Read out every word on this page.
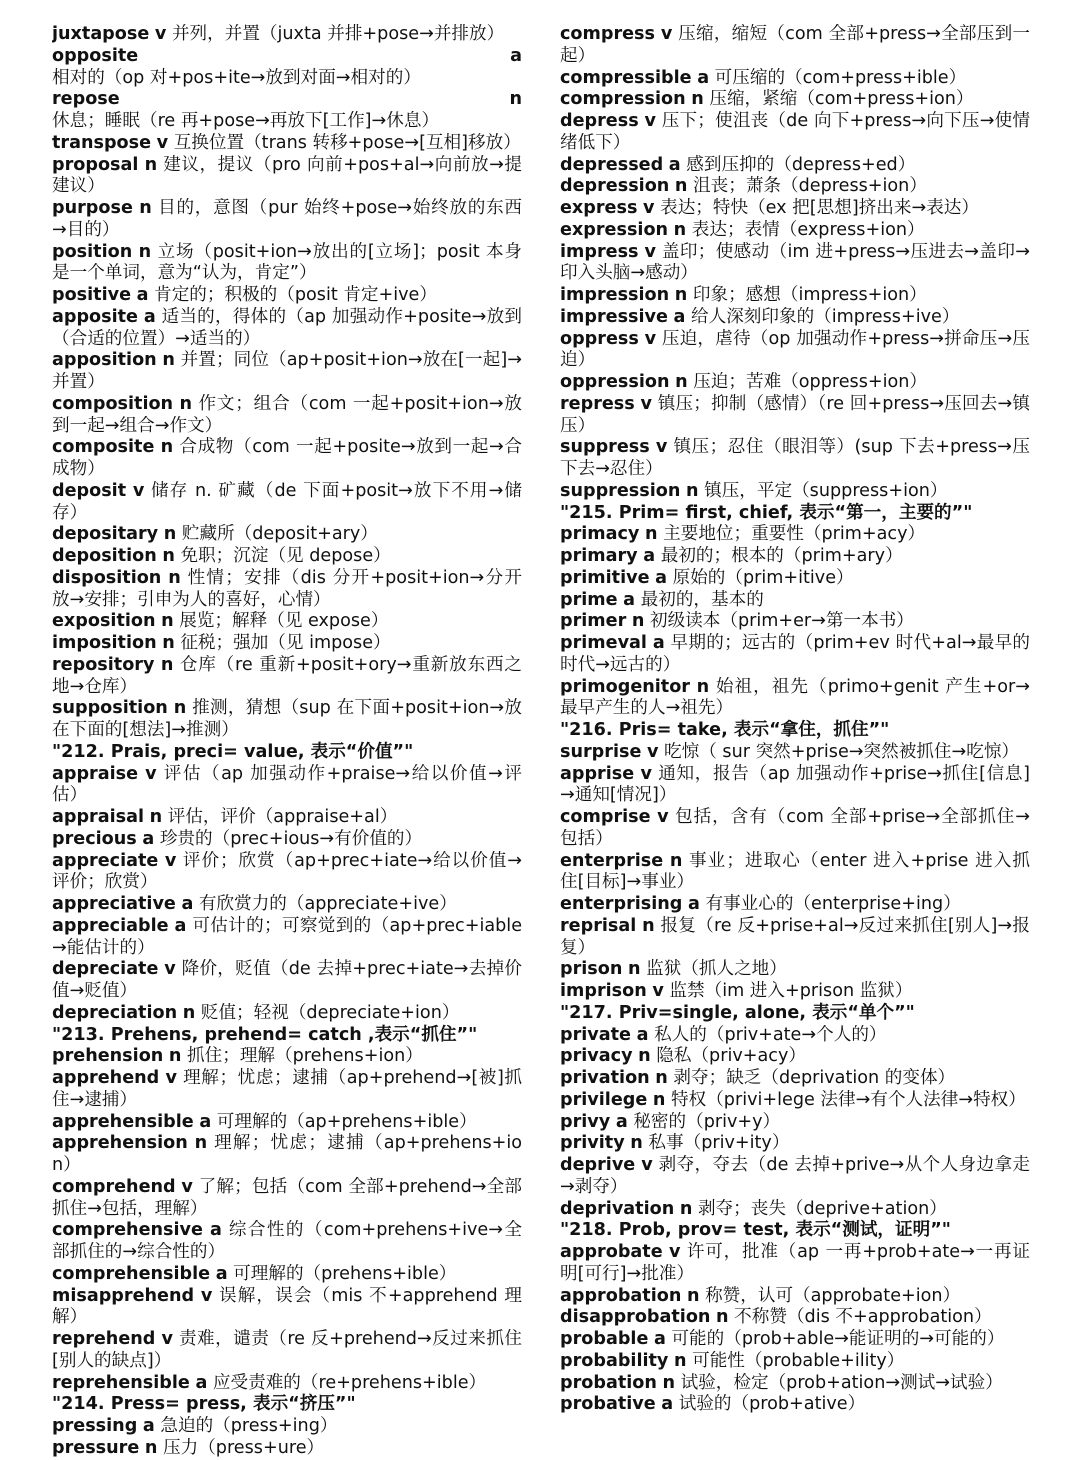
juxtapose v 并列，并置（juxta 并排+pose→并排放）
opposite	a 相对的（op 对+pos+ite→放到对面→相对的）
repose	n 休息；睡眠（re 再+pose→再放下[工作]→休息）
transpose v 互换位置（trans 转移+pose→[互相]移放）
proposal n 建议，提议（pro 向前+pos+al→向前放→提建议）
purpose n 目的，意图（pur 始终+pose→始终放的东西→目的）
position n 立场（posit+ion→放出的[立场]；posit 本身是一个单词，意为“认为，肯定”）
positive a 肯定的；积极的（posit 肯定+ive）
apposite a 适当的，得体的（ap 加强动作+posite→放到（合适的位置）→适当的）
apposition n 并置；同位（ap+posit+ion→放在[一起]→并置）
composition n 作文；组合（com 一起+posit+ion→放到一起→组合→作文）
composite n 合成物（com 一起+posite→放到一起→合成物）
deposit v 储存 n. 矿藏（de 下面+posit→放下不用→储存）
depositary n 贮藏所（deposit+ary）
deposition n 免职；沉淀（见 depose）
disposition n 性情；安排（dis 分开+posit+ion→分开放→安排；引申为人的喜好，心情）
exposition n 展览；解释（见 expose）
imposition n 征税；强加（见 impose）
repository n 仓库（re 重新+posit+ory→重新放东西之地→仓库）
supposition n 推测，猜想（sup 在下面+posit+ion→放在下面的[想法]→推测）
"212. Prais, preci= value, 表示“价值”"
appraise v 评估（ap 加强动作+praise→给以价值→评估）
appraisal n 评估，评价（appraise+al）
precious a 珍贵的（prec+ious→有价值的）
appreciate v 评价；欣赏（ap+prec+iate→给以价值→评价；欣赏）
appreciative a 有欣赏力的（appreciate+ive）
appreciable a 可估计的；可察觉到的（ap+prec+iable→能估计的）
depreciate v 降价，贬值（de 去掉+prec+iate→去掉价值→贬值）
depreciation n 贬值；轻视（depreciate+ion）
"213. Prehens, prehend= catch ,表示“抓住”"
prehension n 抓住；理解（prehens+ion）
apprehend v 理解；忧虑；逮捕（ap+prehend→[被]抓住→逮捕）
apprehensible a 可理解的（ap+prehens+ible）
apprehension n 理解；忧虑；逮捕（ap+prehens+ion）
comprehend v 了解；包括（com 全部+prehend→全部抓住→包括，理解）
comprehensive a 综合性的（com+prehens+ive→全部抓住的→综合性的）
comprehensible a 可理解的（prehens+ible）
misapprehend v 误解，误会（mis 不+apprehend 理解）
reprehend v 责难，谴责（re 反+prehend→反过来抓住[别人的缺点]）
reprehensible a 应受责难的（re+prehens+ible）
"214. Press= press, 表示“挤压”"
pressing a 急迫的（press+ing）
pressure n 压力（press+ure）
compress v 压缩，缩短（com 全部+press→全部压到一起）
compressible a 可压缩的（com+press+ible）
compression n 压缩，紧缩（com+press+ion）
depress v 压下；使沮丧（de 向下+press→向下压→使情绪低下）
depressed a 感到压抑的（depress+ed）
depression n 沮丧；萧条（depress+ion）
express v 表达；特快（ex 把[思想]挤出来→表达）
expression n 表达；表情（express+ion）
impress v 盖印；使感动（im 进+press→压进去→盖印→印入头脑→感动）
impression n 印象；感想（impress+ion）
impressive a 给人深刻印象的（impress+ive）
oppress v 压迫，虐待（op 加强动作+press→拼命压→压迫）
oppression n 压迫；苦难（oppress+ion）
repress v 镇压；抑制（感情）（re 回+press→压回去→镇压）
suppress v 镇压；忍住（眼泪等）(sup 下去+press→压下去→忍住）
suppression n 镇压，平定（suppress+ion）
"215. Prim= first, chief, 表示“第一，主要的”"
primacy n 主要地位；重要性（prim+acy）
primary a 最初的；根本的（prim+ary）
primitive a 原始的（prim+itive）
prime a 最初的，基本的
primer n 初级读本（prim+er→第一本书）
primeval a 早期的；远古的（prim+ev 时代+al→最早的时代→远古的）
primogenitor n 始祖，祖先（primo+genit 产生+or→最早产生的人→祖先）
"216. Pris= take, 表示“拿住，抓住”"
surprise v 吃惊（ sur 突然+prise→突然被抓住→吃惊）
apprise v 通知，报告（ap 加强动作+prise→抓住[信息]→通知[情况]）
comprise v 包括，含有（com 全部+prise→全部抓住→包括）
enterprise n 事业；进取心（enter 进入+prise 进入抓住[目标]→事业）
enterprising a 有事业心的（enterprise+ing）
reprisal n 报复（re 反+prise+al→反过来抓住[别人]→报复）
prison n 监狱（抓人之地）
imprison v 监禁（im 进入+prison 监狱）
"217. Priv=single, alone, 表示“单个”"
private a 私人的（priv+ate→个人的）
privacy n 隐私（priv+acy）
privation n 剥夺；缺乏（deprivation 的变体）
privilege n 特权（privi+lege 法律→有个人法律→特权）
privy a 秘密的（priv+y）
privity n 私事（priv+ity）
deprive v 剥夺，夺去（de 去掉+prive→从个人身边拿走→剥夺）
deprivation n 剥夺；丧失（deprive+ation）
"218. Prob, prov= test, 表示“测试，证明”"
approbate v 许可，批准（ap 一再+prob+ate→一再证明[可行]→批准）
approbation n 称赞，认可（approbate+ion）
disapprobation n 不称赞（dis 不+approbation）
probable a 可能的（prob+able→能证明的→可能的）
probability n 可能性（probable+ility）
probation n 试验，检定（prob+ation→测试→试验）
probative a 试验的（prob+ative）
